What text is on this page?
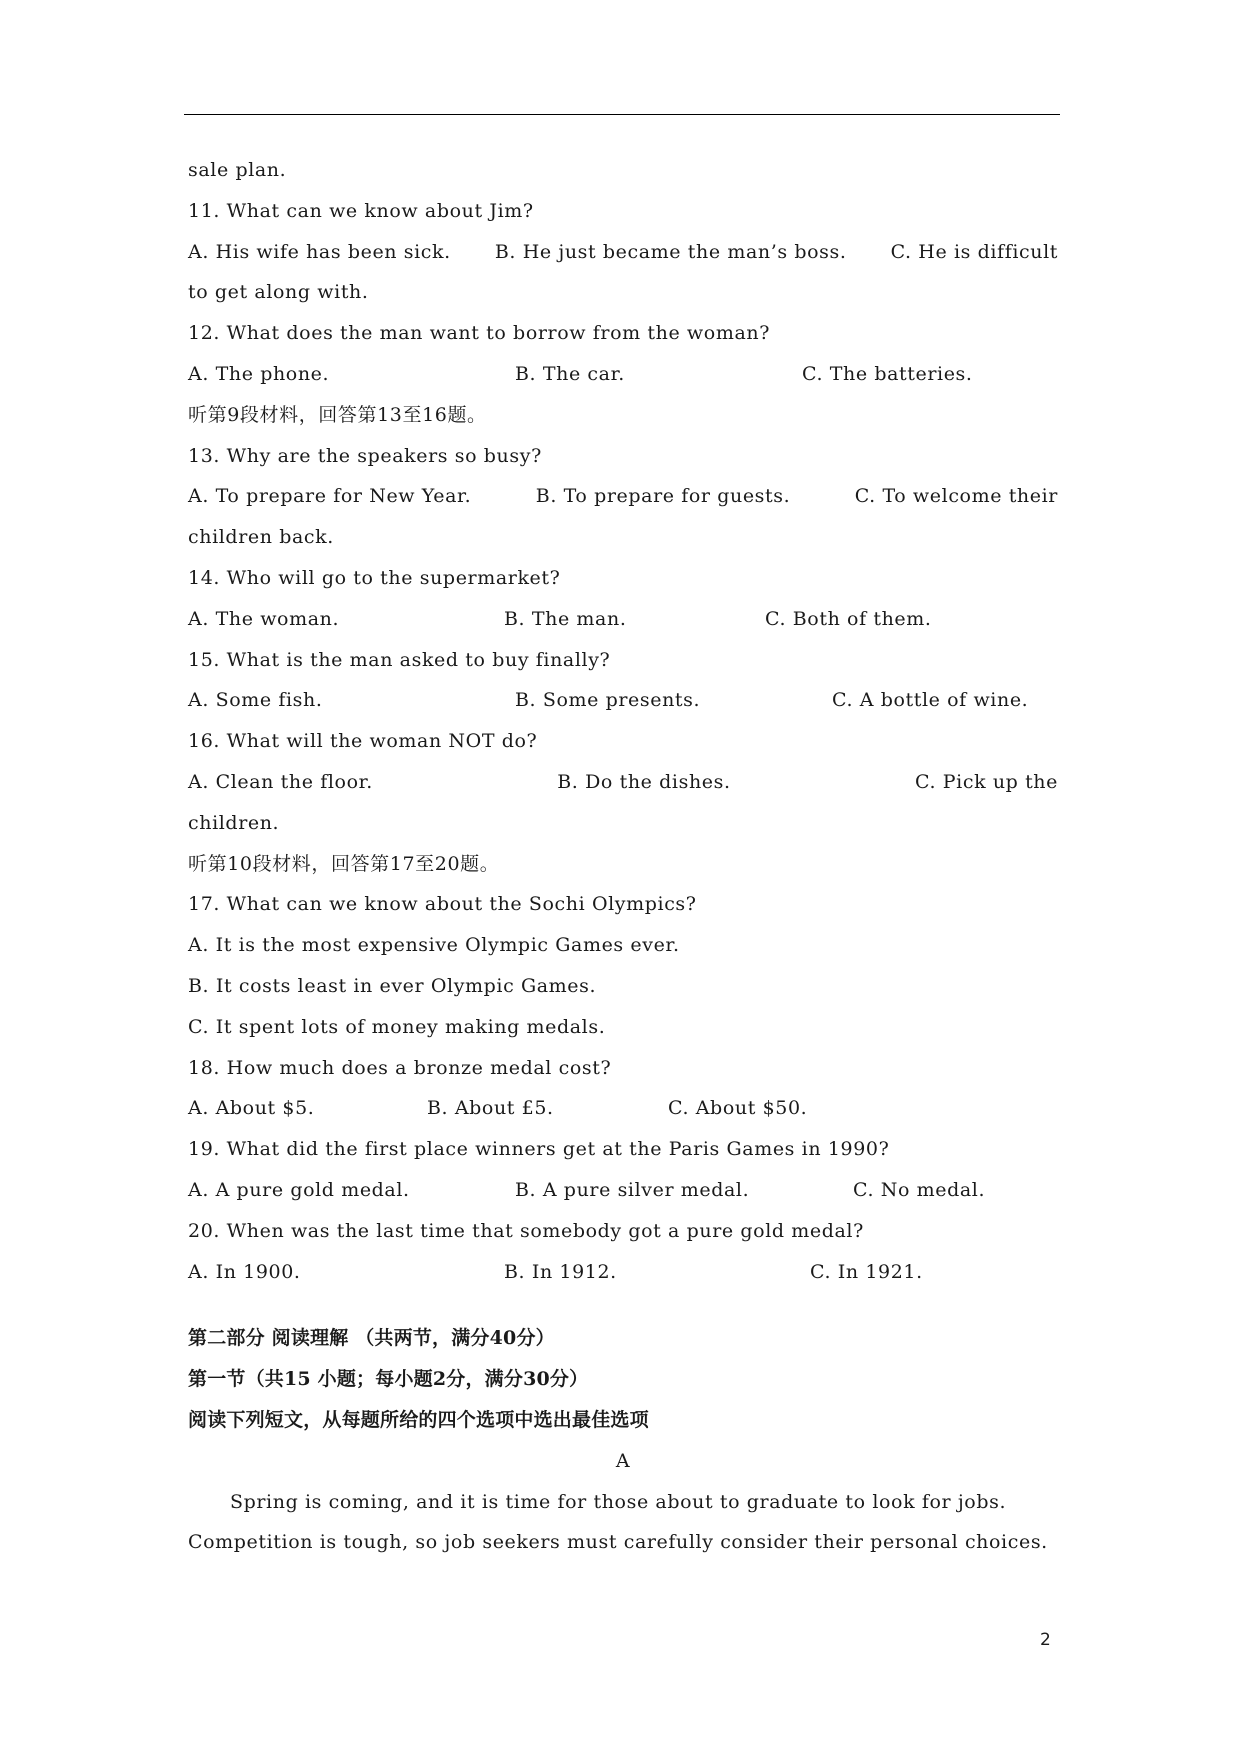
sale plan.
11. What can we know about Jim?
A. His wife has been sick. B. He just became the man’s boss. C. He is difficult
to get along with.
12. What does the man want to borrow from the woman?
A. The phone.	B. The car.	C. The batteries.
听第9段材料，回答第13至16题。
13. Why are the speakers so busy?
A. To prepare for New Year.	B. To prepare for guests.	C. To welcome their
children back.
14. Who will go to the supermarket?
A. The woman.	B. The man.	C. Both of them.
15. What is the man asked to buy finally?
A. Some fish.	B. Some presents.	C. A bottle of wine.
16. What will the woman NOT do?
A. Clean the floor.	B. Do the dishes.	C. Pick up the
children.
听第10段材料，回答第17至20题。
17. What can we know about the Sochi Olympics?
A. It is the most expensive Olympic Games ever.
B. It costs least in ever Olympic Games.
C. It spent lots of money making medals.
18. How much does a bronze medal cost?
A. About $5.	B. About £5.	C. About $50.
19. What did the first place winners get at the Paris Games in 1990?
A. A pure gold medal.	B. A pure silver medal.	C. No medal.
20. When was the last time that somebody got a pure gold medal?
A. In 1900.	B. In 1912.	C. In 1921.
第二部分 阅读理解 （共两节，满分40分）
第一节（共15 小题；每小题2分，满分30分）
阅读下列短文，从每题所给的四个选项中选出最佳选项
A
Spring is coming, and it is time for those about to graduate to look for jobs.
Competition is tough, so job seekers must carefully consider their personal choices.
2
